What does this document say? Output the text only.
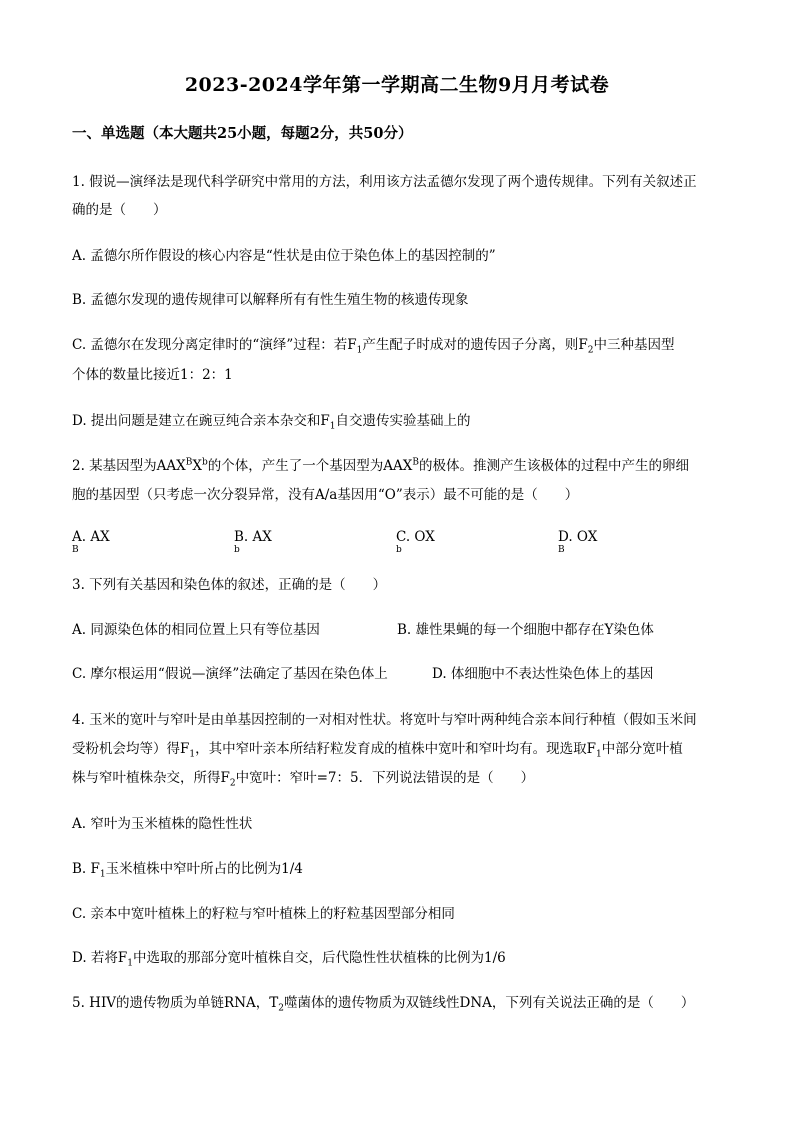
2023-2024学年第一学期高二生物9月月考试卷
一、单选题（本大题共25小题，每题2分，共50分）
1. 假说—演绎法是现代科学研究中常用的方法，利用该方法孟德尔发现了两个遗传规律。下列有关叙述正
确的是（　　）
A. 孟德尔所作假设的核心内容是“性状是由位于染色体上的基因控制的”
B. 孟德尔发现的遗传规律可以解释所有有性生殖生物的核遗传现象
C. 孟德尔在发现分离定律时的“演绎”过程：若$F_1$产生配子时成对的遗传因子分离，则$F_2$中三种基因型
个体的数量比接近1：2：1
D. 提出问题是建立在豌豆纯合亲本杂交和$F_1$自交遗传实验基础上的
2. 某基因型为$AAX^BX^b$的个体，产生了一个基因型为$AAX^B$的极体。推测产生该极体的过程中产生的卵细
胞的基因型（只考虑一次分裂异常，没有A/a基因用“O”表示）最不可能的是（　　）
A. $AX^B$
B. $AX^b$
C. $OX^b$
D. $OX^B$
3. 下列有关基因和染色体的叙述，正确的是（　　）
A. 同源染色体的相同位置上只有等位基因	B. 雄性果蝇的每一个细胞中都存在Y染色体
C. 摩尔根运用“假说—演绎”法确定了基因在染色体上	D. 体细胞中不表达性染色体上的基因
4. 玉米的宽叶与窄叶是由单基因控制的一对相对性状。将宽叶与窄叶两种纯合亲本间行种植（假如玉米间
受粉机会均等）得$F_1$，其中窄叶亲本所结籽粒发育成的植株中宽叶和窄叶均有。现选取$F_1$中部分宽叶植
株与窄叶植株杂交，所得$F_2$中宽叶：窄叶=7：5．下列说法错误的是（　　）
A. 窄叶为玉米植株的隐性性状
B. $F_1$玉米植株中窄叶所占的比例为1/4
C. 亲本中宽叶植株上的籽粒与窄叶植株上的籽粒基因型部分相同
D. 若将$F_1$中选取的那部分宽叶植株自交，后代隐性性状植株的比例为1/6
5. HIV的遗传物质为单链RNA，$T_2$噬菌体的遗传物质为双链线性DNA，下列有关说法正确的是（　　）
